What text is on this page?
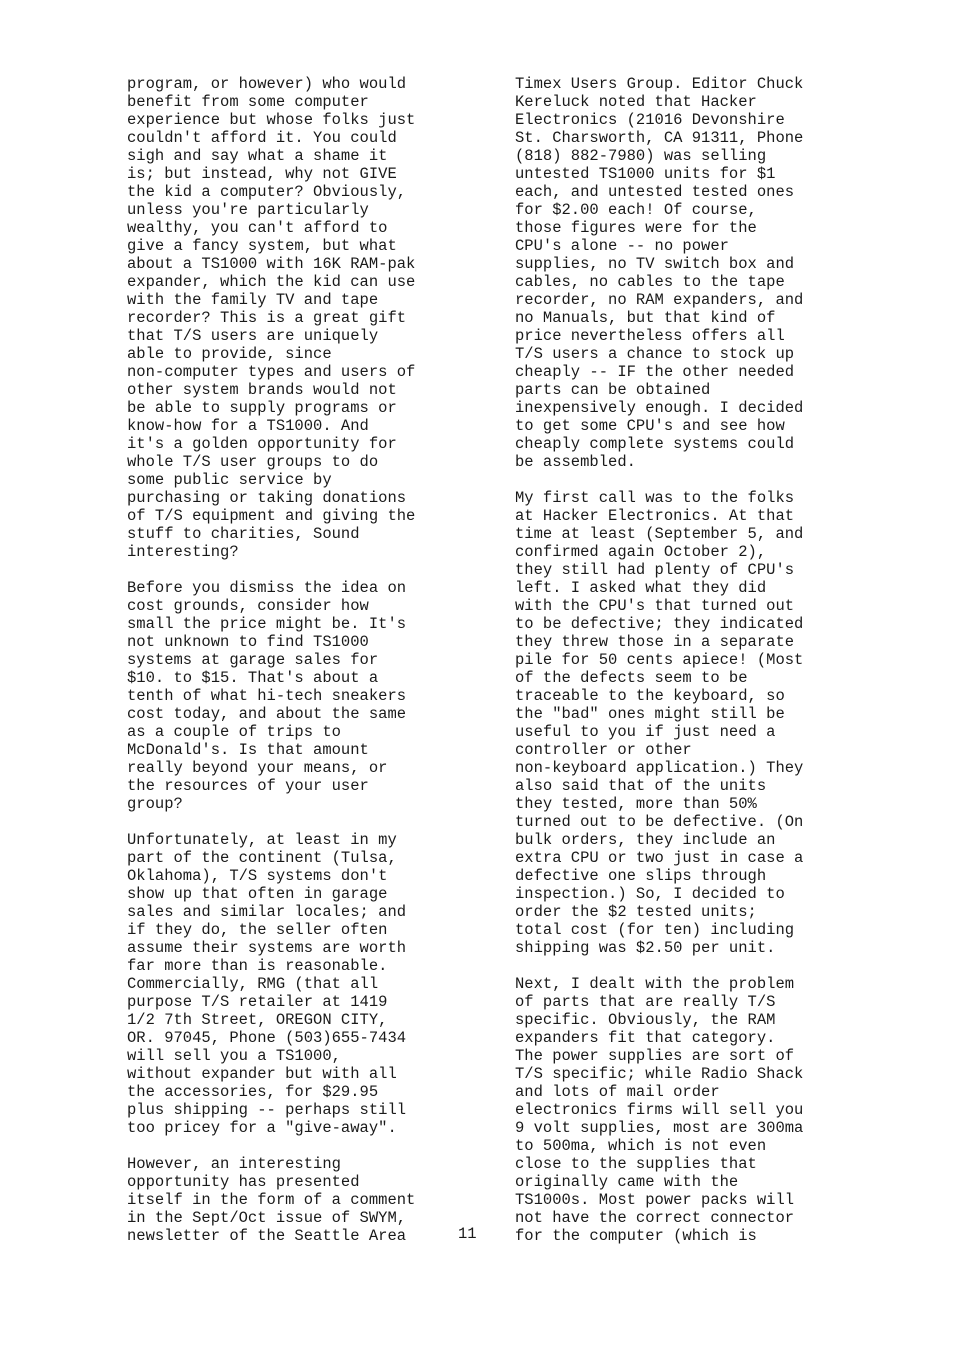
program, or however) who would
benefit from some computer
experience but whose folks just
couldn't afford it. You could
sigh and say what a shame it
is; but instead, why not GIVE
the kid a computer? Obviously,
unless you're particularly
wealthy, you can't afford to
give a fancy system, but what
about a TS1000 with 16K RAM-pak
expander, which the kid can use
with the family TV and tape
recorder? This is a great gift
that T/S users are uniquely
able to provide, since
non-computer types and users of
other system brands would not
be able to supply programs or
know-how for a TS1000. And
it's a golden opportunity for
whole T/S user groups to do
some public service by
purchasing or taking donations
of T/S equipment and giving the
stuff to charities, Sound
interesting?

Before you dismiss the idea on
cost grounds, consider how
small the price might be. It's
not unknown to find TS1000
systems at garage sales for
$10. to $15. That's about a
tenth of what hi-tech sneakers
cost today, and about the same
as a couple of trips to
McDonald's. Is that amount
really beyond your means, or
the resources of your user
group?

Unfortunately, at least in my
part of the continent (Tulsa,
Oklahoma), T/S systems don't
show up that often in garage
sales and similar locales; and
if they do, the seller often
assume their systems are worth
far more than is reasonable.
Commercially, RMG (that all
purpose T/S retailer at 1419
1/2 7th Street, OREGON CITY,
OR. 97045, Phone (503)655-7434
will sell you a TS1000,
without expander but with all
the accessories, for $29.95
plus shipping -- perhaps still
too pricey for a "give-away".

However, an interesting
opportunity has presented
itself in the form of a comment
in the Sept/Oct issue of SWYM,
newsletter of the Seattle Area	11

Timex Users Group. Editor Chuck
Kereluck noted that Hacker
Electronics (21016 Devonshire
St. Charsworth, CA 91311, Phone
(818) 882-7980) was selling
untested TS1000 units for $1
each, and untested tested ones
for $2.00 each! Of course,
those figures were for the
CPU's alone -- no power
supplies, no TV switch box and
cables, no cables to the tape
recorder, no RAM expanders, and
no Manuals, but that kind of
price nevertheless offers all
T/S users a chance to stock up
cheaply -- IF the other needed
parts can be obtained
inexpensively enough. I decided
to get some CPU's and see how
cheaply complete systems could
be assembled.

My first call was to the folks
at Hacker Electronics. At that
time at least (September 5, and
confirmed again October 2),
they still had plenty of CPU's
left. I asked what they did
with the CPU's that turned out
to be defective; they indicated
they threw those in a separate
pile for 50 cents apiece! (Most
of the defects seem to be
traceable to the keyboard, so
the "bad" ones might still be
useful to you if just need a
controller or other
non-keyboard application.) They
also said that of the units
they tested, more than 50%
turned out to be defective. (On
bulk orders, they include an
extra CPU or two just in case a
defective one slips through
inspection.) So, I decided to
order the $2 tested units;
total cost (for ten) including
shipping was $2.50 per unit.

Next, I dealt with the problem
of parts that are really T/S
specific. Obviously, the RAM
expanders fit that category.
The power supplies are sort of
T/S specific; while Radio Shack
and lots of mail order
electronics firms will sell you
9 volt supplies, most are 300ma
to 500ma, which is not even
close to the supplies that
originally came with the
TS1000s. Most power packs will
not have the correct connector
for the computer (which is
